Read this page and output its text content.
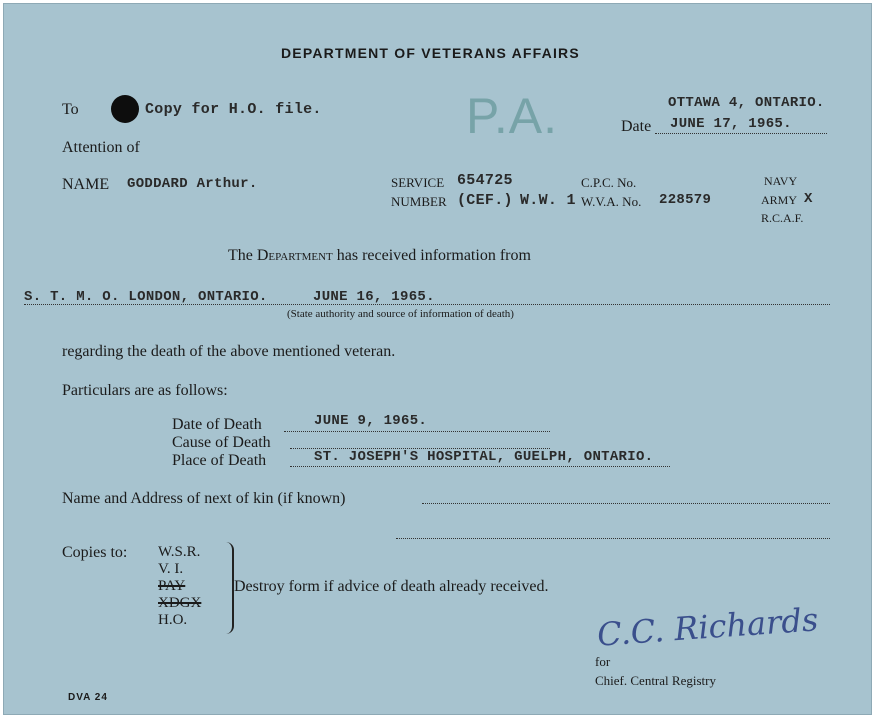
DEPARTMENT OF VETERANS AFFAIRS
To	Copy for H.O. file.	P.A.	OTTAWA 4, ONTARIO.
Date JUNE 17, 1965.
Attention of
NAME GODDARD Arthur.	SERVICE
NUMBER
654725
(CEF.) W.W. 1
C.P.C. No.
W.V.A. No. 228579
NAVY
ARMY X
R.C.A.F.
The Department has received information from
S. T. M. O. LONDON, ONTARIO.	JUNE 16, 1965.
(State authority and source of information of death)
regarding the death of the above mentioned veteran.
Particulars are as follows:
Date of Death	JUNE 9, 1965.
Cause of Death
Place of Death	ST. JOSEPH'S HOSPITAL, GUELPH, ONTARIO.
Name and Address of next of kin (if known)
Copies to: W.S.R.
V. I.
PAY
XDGX
H.O.
Destroy form if advice of death already received.
C.C. Richards
for
Chief. Central Registry
DVA 24
